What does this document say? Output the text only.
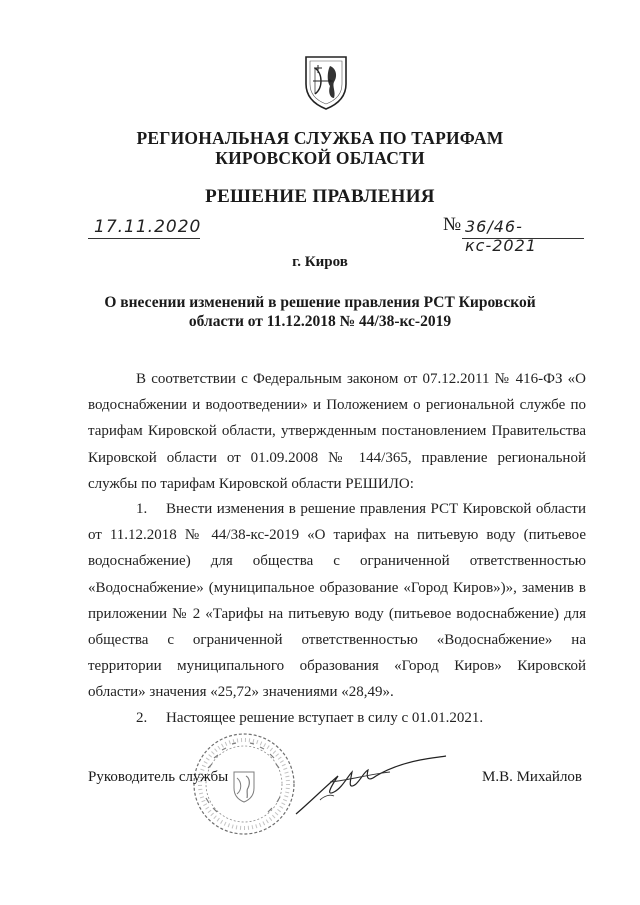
РЕГИОНАЛЬНАЯ СЛУЖБА ПО ТАРИФАМ
КИРОВСКОЙ ОБЛАСТИ
РЕШЕНИЕ ПРАВЛЕНИЯ
17.11.2020	№ 36/46-кс-2021
г. Киров
О внесении изменений в решение правления РСТ Кировской
области от 11.12.2018 № 44/38-кс-2019
В соответствии с Федеральным законом от 07.12.2011 № 416-ФЗ «О водоснабжении и водоотведении» и Положением о региональной службе по тарифам Кировской области, утвержденным постановлением Правительства Кировской области от 01.09.2008 № 144/365, правление региональной службы по тарифам Кировской области РЕШИЛО:
1. Внести изменения в решение правления РСТ Кировской области от 11.12.2018 № 44/38-кс-2019 «О тарифах на питьевую воду (питьевое водоснабжение) для общества с ограниченной ответственностью «Водоснабжение» (муниципальное образование «Город Киров»)», заменив в приложении № 2 «Тарифы на питьевую воду (питьевое водоснабжение) для общества с ограниченной ответственностью «Водоснабжение» на территории муниципального образования «Город Киров» Кировской области» значения «25,72» значениями «28,49».
2. Настоящее решение вступает в силу с 01.01.2021.
Руководитель службы	М.В. Михайлов
